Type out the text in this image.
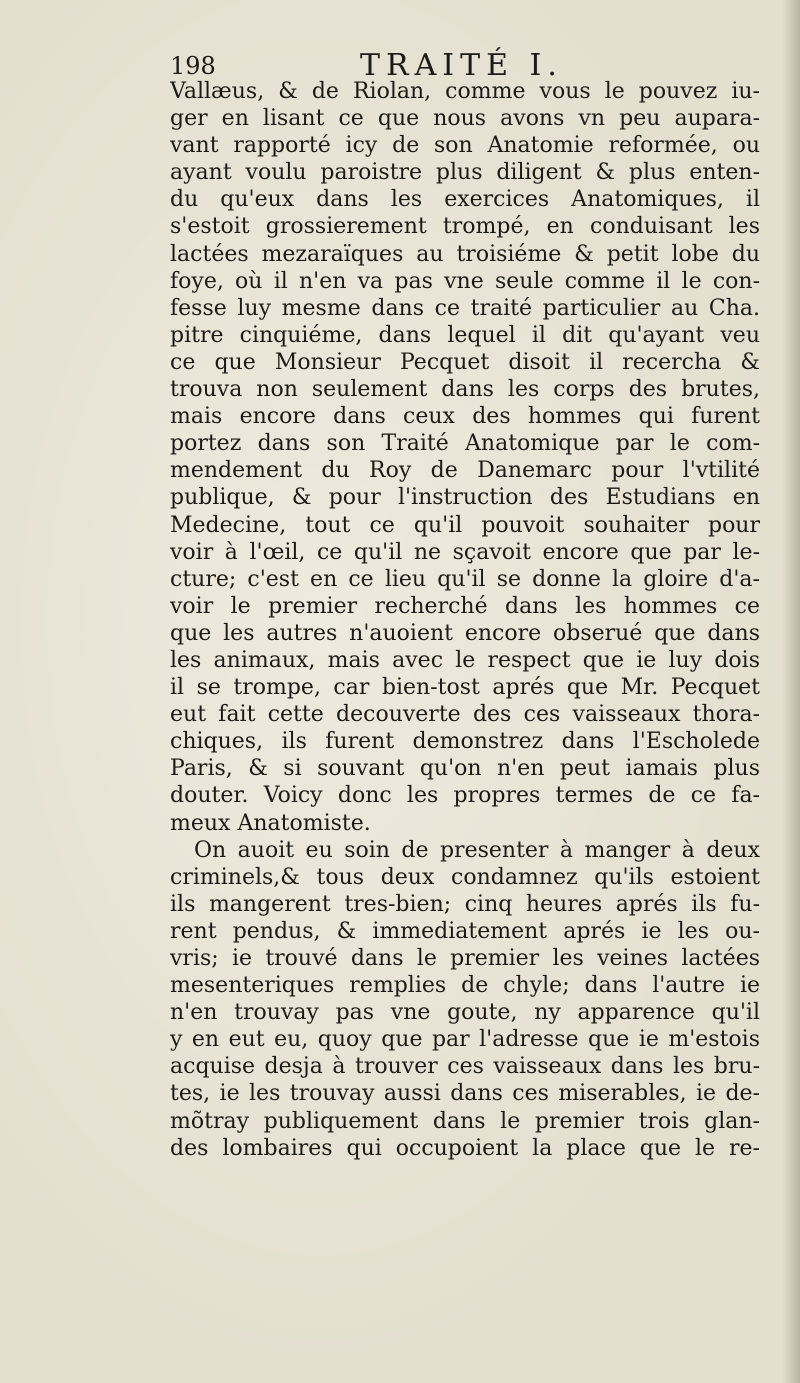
198	TRAITÉ I.
Vallæus, & de Riolan, comme vous le pouvez iu-
ger en lisant ce que nous avons vn peu aupara-
vant rapporté icy de son Anatomie reformée, ou
ayant voulu paroistre plus diligent & plus enten-
du qu'eux dans les exercices Anatomiques, il
s'estoit grossierement trompé, en conduisant les
lactées mezaraïques au troisiéme & petit lobe du
foye, où il n'en va pas vne seule comme il le con-
fesse luy mesme dans ce traité particulier au Cha.
pitre cinquiéme, dans lequel il dit qu'ayant veu
ce que Monsieur Pecquet disoit il recercha &
trouva non seulement dans les corps des brutes,
mais encore dans ceux des hommes qui furent
portez dans son Traité Anatomique par le com-
mendement du Roy de Danemarc pour l'vtilité
publique, & pour l'instruction des Estudians en
Medecine, tout ce qu'il pouvoit souhaiter pour
voir à l'œil, ce qu'il ne sçavoit encore que par le-
cture; c'est en ce lieu qu'il se donne la gloire d'a-
voir le premier recherché dans les hommes ce
que les autres n'auoient encore obserué que dans
les animaux, mais avec le respect que ie luy dois
il se trompe, car bien-tost aprés que Mr. Pecquet
eut fait cette decouverte des ces vaisseaux thora-
chiques, ils furent demonstrez dans l'Escholede
Paris, & si souvant qu'on n'en peut iamais plus
douter. Voicy donc les propres termes de ce fa-
meux Anatomiste.
On auoit eu soin de presenter à manger à deux
criminels,& tous deux condamnez qu'ils estoient
ils mangerent tres-bien; cinq heures aprés ils fu-
rent pendus, & immediatement aprés ie les ou-
vris; ie trouvé dans le premier les veines lactées
mesenteriques remplies de chyle; dans l'autre ie
n'en trouvay pas vne goute, ny apparence qu'il
y en eut eu, quoy que par l'adresse que ie m'estois
acquise desja à trouver ces vaisseaux dans les bru-
tes, ie les trouvay aussi dans ces miserables, ie de-
mõtray publiquement dans le premier trois glan-
des lombaires qui occupoient la place que le re-
